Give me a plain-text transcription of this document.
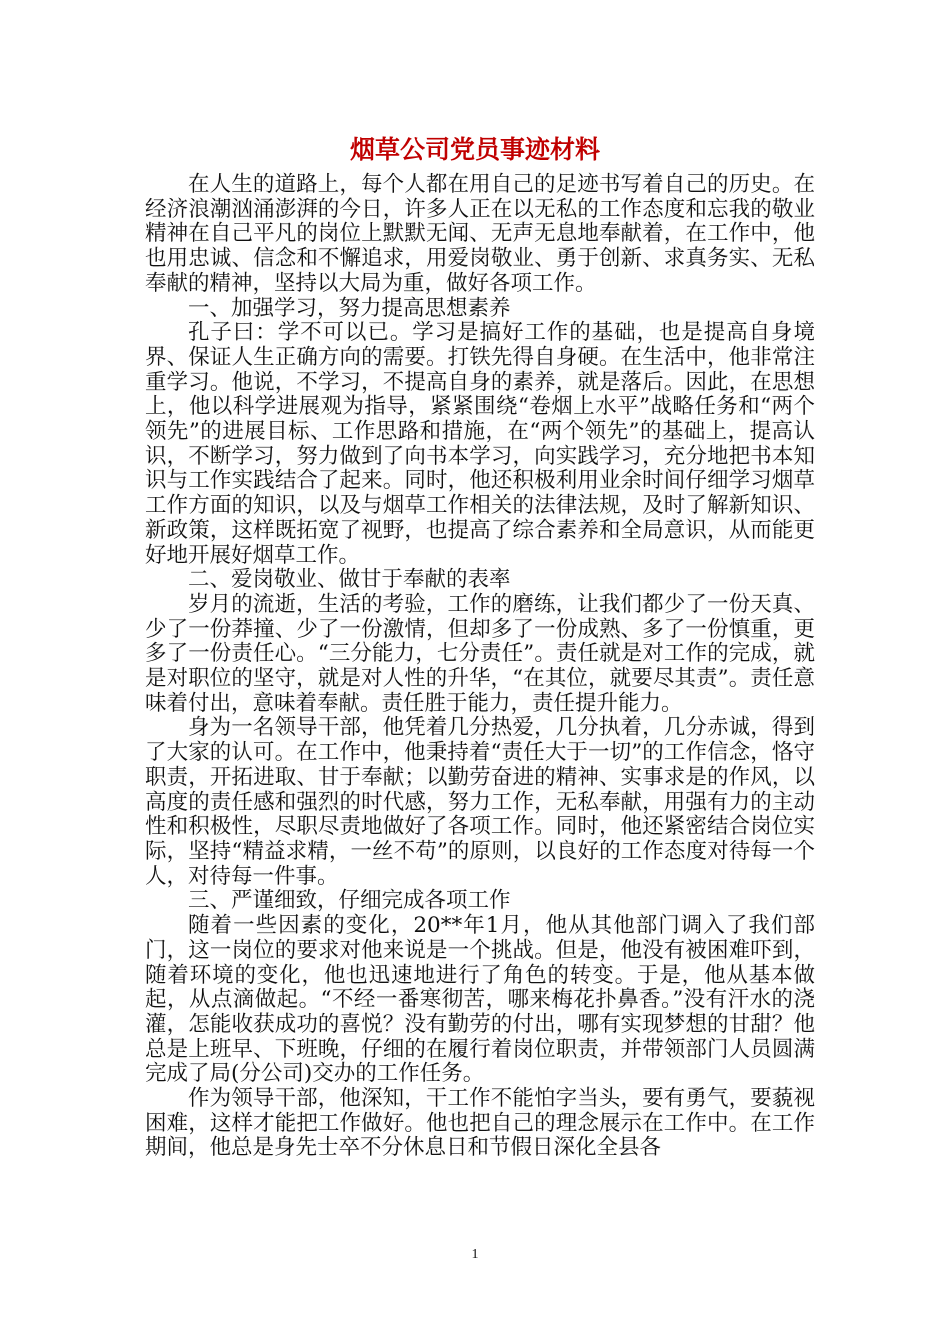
烟草公司党员事迹材料

在人生的道路上，每个人都在用自己的足迹书写着自己的历史。在经济浪潮汹涌澎湃的今日，许多人正在以无私的工作态度和忘我的敬业精神在自己平凡的岗位上默默无闻、无声无息地奉献着，在工作中，他也用忠诚、信念和不懈追求，用爱岗敬业、勇于创新、求真务实、无私奉献的精神，坚持以大局为重，做好各项工作。

一、加强学习，努力提高思想素养

孔子曰：学不可以已。学习是搞好工作的基础，也是提高自身境界、保证人生正确方向的需要。打铁先得自身硬。在生活中，他非常注重学习。他说，不学习，不提高自身的素养，就是落后。因此，在思想上，他以科学进展观为指导，紧紧围绕“卷烟上水平”战略任务和“两个领先”的进展目标、工作思路和措施，在“两个领先”的基础上，提高认识，不断学习，努力做到了向书本学习，向实践学习，充分地把书本知识与工作实践结合了起来。同时，他还积极利用业余时间仔细学习烟草工作方面的知识，以及与烟草工作相关的法律法规，及时了解新知识、新政策，这样既拓宽了视野，也提高了综合素养和全局意识，从而能更好地开展好烟草工作。

二、爱岗敬业、做甘于奉献的表率

岁月的流逝，生活的考验，工作的磨练，让我们都少了一份天真、少了一份莽撞、少了一份激情，但却多了一份成熟、多了一份慎重，更多了一份责任心。“三分能力，七分责任”。责任就是对工作的完成，就是对职位的坚守，就是对人性的升华，“在其位，就要尽其责”。责任意味着付出，意味着奉献。责任胜于能力，责任提升能力。

身为一名领导干部，他凭着几分热爱，几分执着，几分赤诚，得到了大家的认可。在工作中，他秉持着“责任大于一切”的工作信念，恪守职责，开拓进取、甘于奉献；以勤劳奋进的精神、实事求是的作风，以高度的责任感和强烈的时代感，努力工作，无私奉献，用强有力的主动性和积极性，尽职尽责地做好了各项工作。同时，他还紧密结合岗位实际，坚持“精益求精，一丝不苟”的原则，以良好的工作态度对待每一个人，对待每一件事。

三、严谨细致，仔细完成各项工作

随着一些因素的变化，20**年1月，他从其他部门调入了我们部门，这一岗位的要求对他来说是一个挑战。但是，他没有被困难吓到，随着环境的变化，他也迅速地进行了角色的转变。于是，他从基本做起，从点滴做起。“不经一番寒彻苦，哪来梅花扑鼻香。”没有汗水的浇灌，怎能收获成功的喜悦？没有勤劳的付出，哪有实现梦想的甘甜？他总是上班早、下班晚，仔细的在履行着岗位职责，并带领部门人员圆满完成了局(分公司)交办的工作任务。

作为领导干部，他深知，干工作不能怕字当头，要有勇气，要藐视困难，这样才能把工作做好。他也把自己的理念展示在工作中。在工作期间，他总是身先士卒不分休息日和节假日深化全县各

1
